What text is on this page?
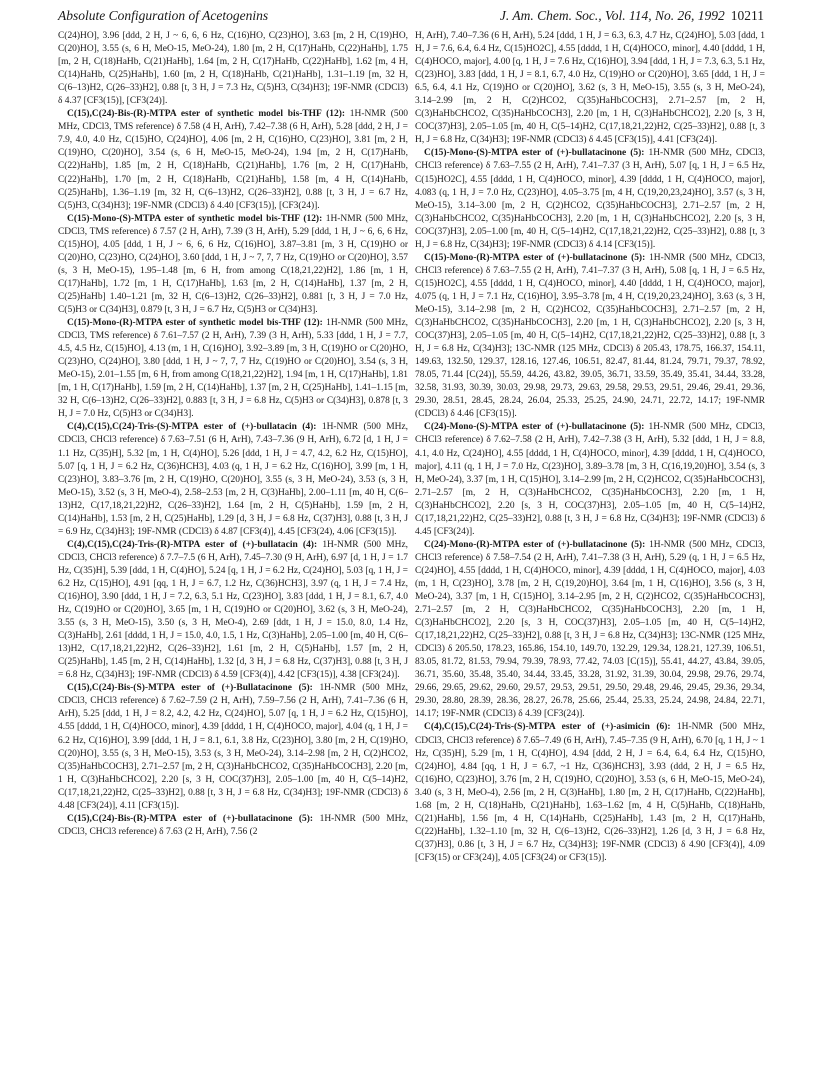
Absolute Configuration of Acetogenins	J. Am. Chem. Soc., Vol. 114, No. 26, 1992 10211

C(24)HO], 3.96 [ddd, 2 H, J ~ 6, 6, 6 Hz, C(16)HO, C(23)HO], 3.63 [m, 2 H, C(19)HO, C(20)HO], 3.55 (s, 6 H, MeO-15, MeO-24), 1.80 [m, 2 H, C(17)HaHb, C(22)HaHb], 1.75 [m, 2 H, C(18)HaHb, C(21)HaHb], 1.64 [m, 2 H, C(17)HaHb, C(22)HaHb], 1.62 [m, 4 H, C(14)HaHb, C(25)HaHb], 1.60 [m, 2 H, C(18)HaHb, C(21)HaHb], 1.31–1.19 [m, 32 H, C(6–13)H2, C(26–33)H2], 0.88 [t, 3 H, J = 7.3 Hz, C(5)H3, C(34)H3]; 19F-NMR (CDCl3) δ 4.37 [CF3(15)], [CF3(24)].

C(15),C(24)-Bis-(R)-MTPA ester of synthetic model bis-THF (12): 1H-NMR (500 MHz, CDCl3, TMS reference) δ 7.58 (4 H, ArH), 7.42–7.38 (6 H, ArH), 5.28 [ddd, 2 H, J = 7.9, 4.0, 4.0 Hz, C(15)HO, C(24)HO], 4.06 [m, 2 H, C(16)HO, C(23)HO], 3.81 [m, 2 H, C(19)HO, C(20)HO], 3.54 (s, 6 H, MeO-15, MeO-24), 1.94 [m, 2 H, C(17)HaHb, C(22)HaHb], 1.85 [m, 2 H, C(18)HaHb, C(21)HaHb], 1.76 [m, 2 H, C(17)HaHb, C(22)HaHb], 1.70 [m, 2 H, C(18)HaHb, C(21)HaHb], 1.58 [m, 4 H, C(14)HaHb, C(25)HaHb], 1.36–1.19 [m, 32 H, C(6–13)H2, C(26–33)H2], 0.88 [t, 3 H, J = 6.7 Hz, C(5)H3, C(34)H3]; 19F-NMR (CDCl3) δ 4.40 [CF3(15)], [CF3(24)].

C(15)-Mono-(S)-MTPA ester of synthetic model bis-THF (12): 1H-NMR (500 MHz, CDCl3, TMS reference) δ 7.57 (2 H, ArH), 7.39 (3 H, ArH), 5.29 [ddd, 1 H, J ~ 6, 6, 6 Hz, C(15)HO], 4.05 [ddd, 1 H, J ~ 6, 6, 6 Hz, C(16)HO], 3.87–3.81 [m, 3 H, C(19)HO or C(20)HO, C(23)HO, C(24)HO], 3.60 [ddd, 1 H, J ~ 7, 7, 7 Hz, C(19)HO or C(20)HO], 3.57 (s, 3 H, MeO-15), 1.95–1.48 [m, 6 H, from among C(18,21,22)H2], 1.86 [m, 1 H, C(17)HaHb], 1.72 [m, 1 H, C(17)HaHb], 1.63 [m, 2 H, C(14)HaHb], 1.37 [m, 2 H, C(25)HaHb] 1.40–1.21 [m, 32 H, C(6–13)H2, C(26–33)H2], 0.881 [t, 3 H, J = 7.0 Hz, C(5)H3 or C(34)H3], 0.879 [t, 3 H, J = 6.7 Hz, C(5)H3 or C(34)H3].

C(15)-Mono-(R)-MTPA ester of synthetic model bis-THF (12): 1H-NMR (500 MHz, CDCl3, TMS reference) δ 7.61–7.57 (2 H, ArH), 7.39 (3 H, ArH), 5.33 [ddd, 1 H, J = 7.7, 4.5, 4.5 Hz, C(15)HO], 4.13 (m, 1 H, C(16)HO], 3.92–3.89 [m, 3 H, C(19)HO or C(20)HO, C(23)HO, C(24)HO], 3.80 [ddd, 1 H, J ~ 7, 7, 7 Hz, C(19)HO or C(20)HO], 3.54 (s, 3 H, MeO-15), 2.01–1.55 [m, 6 H, from among C(18,21,22)H2], 1.94 [m, 1 H, C(17)HaHb], 1.81 [m, 1 H, C(17)HaHb], 1.59 [m, 2 H, C(14)HaHb], 1.37 [m, 2 H, C(25)HaHb], 1.41–1.15 [m, 32 H, C(6–13)H2, C(26–33)H2], 0.883 [t, 3 H, J = 6.8 Hz, C(5)H3 or C(34)H3], 0.878 [t, 3 H, J = 7.0 Hz, C(5)H3 or C(34)H3].

C(4),C(15),C(24)-Tris-(S)-MTPA ester of (+)-bullatacin (4): 1H-NMR (500 MHz, CDCl3, CHCl3 reference) δ 7.63–7.51 (6 H, ArH), 7.43–7.36 (9 H, ArH), 6.72 [d, 1 H, J = 1.1 Hz, C(35)H], 5.32 [m, 1 H, C(4)HO], 5.26 [ddd, 1 H, J = 4.7, 4.2, 6.2 Hz, C(15)HO], 5.07 [q, 1 H, J = 6.2 Hz, C(36)HCH3], 4.03 (q, 1 H, J = 6.2 Hz, C(16)HO], 3.99 [m, 1 H, C(23)HO], 3.83–3.76 [m, 2 H, C(19)HO, C(20)HO], 3.55 (s, 3 H, MeO-24), 3.53 (s, 3 H, MeO-15), 3.52 (s, 3 H, MeO-4), 2.58–2.53 [m, 2 H, C(3)HaHb], 2.00–1.11 [m, 40 H, C(6–13)H2, C(17,18,21,22)H2, C(26–33)H2], 1.64 [m, 2 H, C(5)HaHb], 1.59 [m, 2 H, C(14)HaHb], 1.53 [m, 2 H, C(25)HaHb], 1.29 [d, 3 H, J = 6.8 Hz, C(37)H3], 0.88 [t, 3 H, J = 6.9 Hz, C(34)H3]; 19F-NMR (CDCl3) δ 4.87 [CF3(4)], 4.45 [CF3(24), 4.06 [CF3(15)].

C(4),C(15),C(24)-Tris-(R)-MTPA ester of (+)-bullatacin (4): 1H-NMR (500 MHz, CDCl3, CHCl3 reference) δ 7.7–7.5 (6 H, ArH), 7.45–7.30 (9 H, ArH), 6.97 [d, 1 H, J = 1.7 Hz, C(35)H], 5.39 [ddd, 1 H, C(4)HO], 5.24 [q, 1 H, J = 6.2 Hz, C(24)HO], 5.03 [q, 1 H, J = 6.2 Hz, C(15)HO], 4.91 [qq, 1 H, J = 6.7, 1.2 Hz, C(36)HCH3], 3.97 (q, 1 H, J = 7.4 Hz, C(16)HO], 3.90 [ddd, 1 H, J = 7.2, 6.3, 5.1 Hz, C(23)HO], 3.83 [ddd, 1 H, J = 8.1, 6.7, 4.0 Hz, C(19)HO or C(20)HO], 3.65 [m, 1 H, C(19)HO or C(20)HO], 3.62 (s, 3 H, MeO-24), 3.55 (s, 3 H, MeO-15), 3.50 (s, 3 H, MeO-4), 2.69 [ddt, 1 H, J = 15.0, 8.0, 1.4 Hz, C(3)HaHb], 2.61 [dddd, 1 H, J = 15.0, 4.0, 1.5, 1 Hz, C(3)HaHb], 2.05–1.00 [m, 40 H, C(6–13)H2, C(17,18,21,22)H2, C(26–33)H2], 1.61 [m, 2 H, C(5)HaHb], 1.57 [m, 2 H, C(25)HaHb], 1.45 [m, 2 H, C(14)HaHb], 1.32 [d, 3 H, J = 6.8 Hz, C(37)H3], 0.88 [t, 3 H, J = 6.8 Hz, C(34)H3]; 19F-NMR (CDCl3) δ 4.59 [CF3(4)], 4.42 [CF3(15)], 4.38 [CF3(24)].

C(15),C(24)-Bis-(S)-MTPA ester of (+)-Bullatacinone (5): 1H-NMR (500 MHz, CDCl3, CHCl3 reference) δ 7.62–7.59 (2 H, ArH), 7.59–7.56 (2 H, ArH), 7.41–7.36 (6 H, ArH), 5.25 [ddd, 1 H, J = 8.2, 4.2, 4.2 Hz, C(24)HO], 5.07 [q, 1 H, J = 6.2 Hz, C(15)HO], 4.55 [dddd, 1 H, C(4)HOCO, minor], 4.39 [dddd, 1 H, C(4)HOCO, major], 4.04 (q, 1 H, J = 6.2 Hz, C(16)HO], 3.99 [ddd, 1 H, J = 8.1, 6.1, 3.8 Hz, C(23)HO], 3.80 [m, 2 H, C(19)HO, C(20)HO], 3.55 (s, 3 H, MeO-15), 3.53 (s, 3 H, MeO-24), 3.14–2.98 [m, 2 H, C(2)HCO2, C(35)HaHbCOCH3], 2.71–2.57 [m, 2 H, C(3)HaHbCHCO2, C(35)HaHbCOCH3], 2.20 [m, 1 H, C(3)HaHbCHCO2], 2.20 [s, 3 H, COC(37)H3], 2.05–1.00 [m, 40 H, C(5–14)H2, C(17,18,21,22)H2, C(25–33)H2], 0.88 [t, 3 H, J = 6.8 Hz, C(34)H3]; 19F-NMR (CDCl3) δ 4.48 [CF3(24)], 4.11 [CF3(15)].

C(15),C(24)-Bis-(R)-MTPA ester of (+)-bullatacinone (5): 1H-NMR (500 MHz, CDCl3, CHCl3 reference) δ 7.63 (2 H, ArH), 7.56 (2

H, ArH), 7.40–7.36 (6 H, ArH), 5.24 [ddd, 1 H, J = 6.3, 6.3, 4.7 Hz, C(24)HO], 5.03 [ddd, 1 H, J = 7.6, 6.4, 6.4 Hz, C(15)HO2C], 4.55 [dddd, 1 H, C(4)HOCO, minor], 4.40 [dddd, 1 H, C(4)HOCO, major], 4.00 [q, 1 H, J = 7.6 Hz, C(16)HO], 3.94 [ddd, 1 H, J = 7.3, 6.3, 5.1 Hz, C(23)HO], 3.83 [ddd, 1 H, J = 8.1, 6.7, 4.0 Hz, C(19)HO or C(20)HO], 3.65 [ddd, 1 H, J = 6.5, 6.4, 4.1 Hz, C(19)HO or C(20)HO], 3.62 (s, 3 H, MeO-15), 3.55 (s, 3 H, MeO-24), 3.14–2.99 [m, 2 H, C(2)HCO2, C(35)HaHbCOCH3], 2.71–2.57 [m, 2 H, C(3)HaHbCHCO2, C(35)HaHbCOCH3], 2.20 [m, 1 H, C(3)HaHbCHCO2], 2.20 [s, 3 H, COC(37)H3], 2.05–1.05 [m, 40 H, C(5–14)H2, C(17,18,21,22)H2, C(25–33)H2], 0.88 [t, 3 H, J = 6.8 Hz, C(34)H3]; 19F-NMR (CDCl3) δ 4.45 [CF3(15)], 4.41 [CF3(24)].

C(15)-Mono-(S)-MTPA ester of (+)-bullatacinone (5): 1H-NMR (500 MHz, CDCl3, CHCl3 reference) δ 7.63–7.55 (2 H, ArH), 7.41–7.37 (3 H, ArH), 5.07 [q, 1 H, J = 6.5 Hz, C(15)HO2C], 4.55 [dddd, 1 H, C(4)HOCO, minor], 4.39 [dddd, 1 H, C(4)HOCO, major], 4.083 (q, 1 H, J = 7.0 Hz, C(23)HO], 4.05–3.75 [m, 4 H, C(19,20,23,24)HO], 3.57 (s, 3 H, MeO-15), 3.14–3.00 [m, 2 H, C(2)HCO2, C(35)HaHbCOCH3], 2.71–2.57 [m, 2 H, C(3)HaHbCHCO2, C(35)HaHbCOCH3], 2.20 [m, 1 H, C(3)HaHbCHCO2], 2.20 [s, 3 H, COC(37)H3], 2.05–1.00 [m, 40 H, C(5–14)H2, C(17,18,21,22)H2, C(25–33)H2], 0.88 [t, 3 H, J = 6.8 Hz, C(34)H3]; 19F-NMR (CDCl3) δ 4.14 [CF3(15)].

C(15)-Mono-(R)-MTPA ester of (+)-bullatacinone (5): 1H-NMR (500 MHz, CDCl3, CHCl3 reference) δ 7.63–7.55 (2 H, ArH), 7.41–7.37 (3 H, ArH), 5.08 [q, 1 H, J = 6.5 Hz, C(15)HO2C], 4.55 [dddd, 1 H, C(4)HOCO, minor], 4.40 [dddd, 1 H, C(4)HOCO, major], 4.075 (q, 1 H, J = 7.1 Hz, C(16)HO], 3.95–3.78 [m, 4 H, C(19,20,23,24)HO], 3.63 (s, 3 H, MeO-15), 3.14–2.98 [m, 2 H, C(2)HCO2, C(35)HaHbCOCH3], 2.71–2.57 [m, 2 H, C(3)HaHbCHCO2, C(35)HaHbCOCH3], 2.20 [m, 1 H, C(3)HaHbCHCO2], 2.20 [s, 3 H, COC(37)H3], 2.05–1.05 [m, 40 H, C(5–14)H2, C(17,18,21,22)H2, C(25–33)H2], 0.88 [t, 3 H, J = 6.8 Hz, C(34)H3]; 13C-NMR (125 MHz, CDCl3) δ 205.43, 178.75, 166.37, 154.11, 149.63, 132.50, 129.37, 128.16, 127.46, 106.51, 82.47, 81.44, 81.24, 79.71, 79.37, 78.92, 78.05, 71.44 [C(24)], 55.59, 44.26, 43.82, 39.05, 36.71, 33.59, 35.49, 35.41, 34.44, 33.28, 32.58, 31.93, 30.39, 30.03, 29.98, 29.73, 29.63, 29.58, 29.53, 29.51, 29.46, 29.41, 29.36, 29.30, 28.51, 28.45, 28.24, 26.04, 25.33, 25.25, 24.90, 24.71, 22.72, 14.17; 19F-NMR (CDCl3) δ 4.46 [CF3(15)].

C(24)-Mono-(S)-MTPA ester of (+)-bullatacinone (5): 1H-NMR (500 MHz, CDCl3, CHCl3 reference) δ 7.62–7.58 (2 H, ArH), 7.42–7.38 (3 H, ArH), 5.32 [ddd, 1 H, J = 8.8, 4.1, 4.0 Hz, C(24)HO], 4.55 [dddd, 1 H, C(4)HOCO, minor], 4.39 [dddd, 1 H, C(4)HOCO, major], 4.11 (q, 1 H, J = 7.0 Hz, C(23)HO], 3.89–3.78 [m, 3 H, C(16,19,20)HO], 3.54 (s, 3 H, MeO-24), 3.37 [m, 1 H, C(15)HO], 3.14–2.99 [m, 2 H, C(2)HCO2, C(35)HaHbCOCH3], 2.71–2.57 [m, 2 H, C(3)HaHbCHCO2, C(35)HaHbCOCH3], 2.20 [m, 1 H, C(3)HaHbCHCO2], 2.20 [s, 3 H, COC(37)H3], 2.05–1.05 [m, 40 H, C(5–14)H2, C(17,18,21,22)H2, C(25–33)H2], 0.88 [t, 3 H, J = 6.8 Hz, C(34)H3]; 19F-NMR (CDCl3) δ 4.45 [CF3(24)].

C(24)-Mono-(R)-MTPA ester of (+)-bullatacinone (5): 1H-NMR (500 MHz, CDCl3, CHCl3 reference) δ 7.58–7.54 (2 H, ArH), 7.41–7.38 (3 H, ArH), 5.29 (q, 1 H, J = 6.5 Hz, C(24)HO], 4.55 [dddd, 1 H, C(4)HOCO, minor], 4.39 [dddd, 1 H, C(4)HOCO, major], 4.03 (m, 1 H, C(23)HO], 3.78 [m, 2 H, C(19,20)HO], 3.64 [m, 1 H, C(16)HO], 3.56 (s, 3 H, MeO-24), 3.37 [m, 1 H, C(15)HO], 3.14–2.95 [m, 2 H, C(2)HCO2, C(35)HaHbCOCH3], 2.71–2.57 [m, 2 H, C(3)HaHbCHCO2, C(35)HaHbCOCH3], 2.20 [m, 1 H, C(3)HaHbCHCO2], 2.20 [s, 3 H, COC(37)H3], 2.05–1.05 [m, 40 H, C(5–14)H2, C(17,18,21,22)H2, C(25–33)H2], 0.88 [t, 3 H, J = 6.8 Hz, C(34)H3]; 13C-NMR (125 MHz, CDCl3) δ 205.50, 178.23, 165.86, 154.10, 149.70, 132.29, 129.34, 128.21, 127.39, 106.51, 83.05, 81.72, 81.53, 79.94, 79.39, 78.93, 77.42, 74.03 [C(15)], 55.41, 44.27, 43.84, 39.05, 36.71, 35.60, 35.48, 35.40, 34.44, 33.45, 33.28, 31.92, 31.39, 30.04, 29.98, 29.76, 29.74, 29.66, 29.65, 29.62, 29.60, 29.57, 29.53, 29.51, 29.50, 29.48, 29.46, 29.45, 29.36, 29.34, 29.30, 28.80, 28.39, 28.36, 28.27, 26.78, 25.66, 25.44, 25.33, 25.24, 24.98, 24.84, 22.71, 14.17; 19F-NMR (CDCl3) δ 4.39 [CF3(24)].

C(4),C(15),C(24)-Tris-(S)-MTPA ester of (+)-asimicin (6): 1H-NMR (500 MHz, CDCl3, CHCl3 reference) δ 7.65–7.49 (6 H, ArH), 7.45–7.35 (9 H, ArH), 6.70 [q, 1 H, J ~ 1 Hz, C(35)H], 5.29 [m, 1 H, C(4)HO], 4.94 [ddd, 2 H, J = 6.4, 6.4, 6.4 Hz, C(15)HO, C(24)HO], 4.84 [qq, 1 H, J = 6.7, ~1 Hz, C(36)HCH3], 3.93 (ddd, 2 H, J = 6.5 Hz, C(16)HO, C(23)HO], 3.76 [m, 2 H, C(19)HO, C(20)HO], 3.53 (s, 6 H, MeO-15, MeO-24), 3.40 (s, 3 H, MeO-4), 2.56 [m, 2 H, C(3)HaHb], 1.80 [m, 2 H, C(17)HaHb, C(22)HaHb], 1.68 [m, 2 H, C(18)HaHb, C(21)HaHb], 1.63–1.62 [m, 4 H, C(5)HaHb, C(18)HaHb, C(21)HaHb], 1.56 [m, 4 H, C(14)HaHb, C(25)HaHb], 1.43 [m, 2 H, C(17)HaHb, C(22)HaHb], 1.32–1.10 [m, 32 H, C(6–13)H2, C(26–33)H2], 1.26 [d, 3 H, J = 6.8 Hz, C(37)H3], 0.86 [t, 3 H, J = 6.7 Hz, C(34)H3]; 19F-NMR (CDCl3) δ 4.90 [CF3(4)], 4.09 [CF3(15) or CF3(24)], 4.05 [CF3(24) or CF3(15)].
